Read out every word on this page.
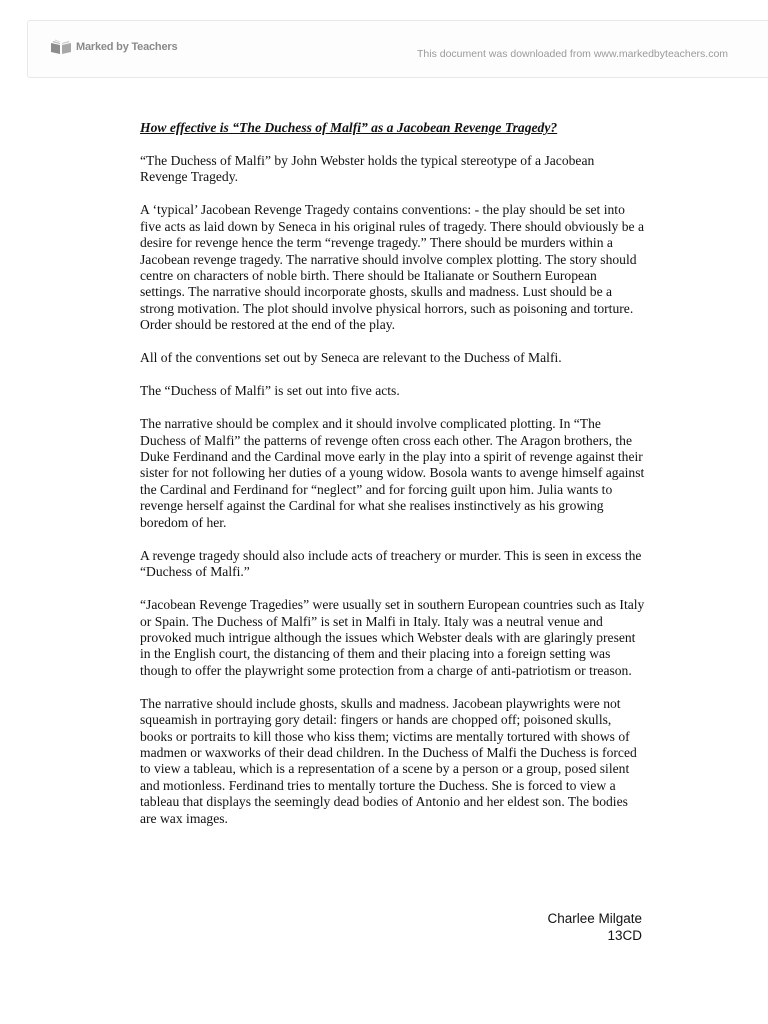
Marked by Teachers
This document was downloaded from www.markedbyteachers.com

How effective is “The Duchess of Malfi” as a Jacobean Revenge Tragedy?

“The Duchess of Malfi” by John Webster holds the typical stereotype of a Jacobean Revenge Tragedy.

A ‘typical’ Jacobean Revenge Tragedy contains conventions: - the play should be set into five acts as laid down by Seneca in his original rules of tragedy. There should obviously be a desire for revenge hence the term “revenge tragedy.” There should be murders within a Jacobean revenge tragedy. The narrative should involve complex plotting. The story should centre on characters of noble birth. There should be Italianate or Southern European settings. The narrative should incorporate ghosts, skulls and madness. Lust should be a strong motivation. The plot should involve physical horrors, such as poisoning and torture. Order should be restored at the end of the play.

All of the conventions set out by Seneca are relevant to the Duchess of Malfi.

The “Duchess of Malfi” is set out into five acts.

The narrative should be complex and it should involve complicated plotting. In “The Duchess of Malfi” the patterns of revenge often cross each other. The Aragon brothers, the Duke Ferdinand and the Cardinal move early in the play into a spirit of revenge against their sister for not following her duties of a young widow. Bosola wants to avenge himself against the Cardinal and Ferdinand for “neglect” and for forcing guilt upon him. Julia wants to revenge herself against the Cardinal for what she realises instinctively as his growing boredom of her.

A revenge tragedy should also include acts of treachery or murder. This is seen in excess the “Duchess of Malfi.”

“Jacobean Revenge Tragedies” were usually set in southern European countries such as Italy or Spain. The Duchess of Malfi” is set in Malfi in Italy. Italy was a neutral venue and provoked much intrigue although the issues which Webster deals with are glaringly present in the English court, the distancing of them and their placing into a foreign setting was though to offer the playwright some protection from a charge of anti-patriotism or treason.

The narrative should include ghosts, skulls and madness. Jacobean playwrights were not squeamish in portraying gory detail: fingers or hands are chopped off; poisoned skulls, books or portraits to kill those who kiss them; victims are mentally tortured with shows of madmen or waxworks of their dead children. In the Duchess of Malfi the Duchess is forced to view a tableau, which is a representation of a scene by a person or a group, posed silent and motionless. Ferdinand tries to mentally torture the Duchess. She is forced to view a tableau that displays the seemingly dead bodies of Antonio and her eldest son. The bodies are wax images.

Charlee Milgate
13CD
